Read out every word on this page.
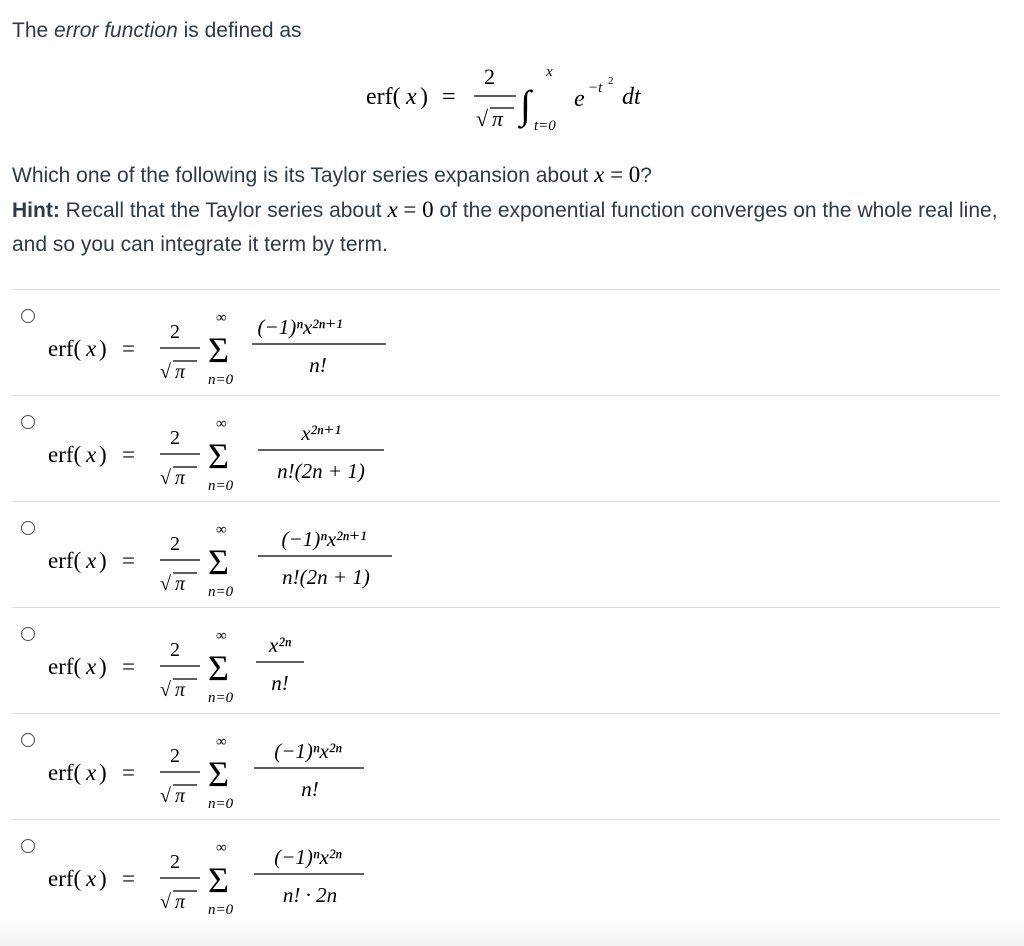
The error function is defined as
erf( x ) =
2
√ π ∫
x
t=0
e −t 2
dt
Which one of the following is its Taylor series expansion about x = 0?
Hint: Recall that the Taylor series about x = 0 of the exponential function converges on the whole real line, and so you can integrate it term by term.
erf( x ) =
2
√ π
∞
Σ
n=0
(−1)ⁿx²ⁿ⁺¹
n!
erf( x ) =
2
√ π
∞
Σ
n=0
x²ⁿ⁺¹
n!(2n + 1)
erf( x ) =
2
√ π
∞
Σ
n=0
(−1)ⁿx²ⁿ⁺¹
n!(2n + 1)
erf( x ) =
2
√ π
∞
Σ
n=0
x²ⁿ
n!
erf( x ) =
2
√ π
∞
Σ
n=0
(−1)ⁿx²ⁿ
n!
erf( x ) =
2
√ π
∞
Σ
n=0
(−1)ⁿx²ⁿ
n! · 2n
